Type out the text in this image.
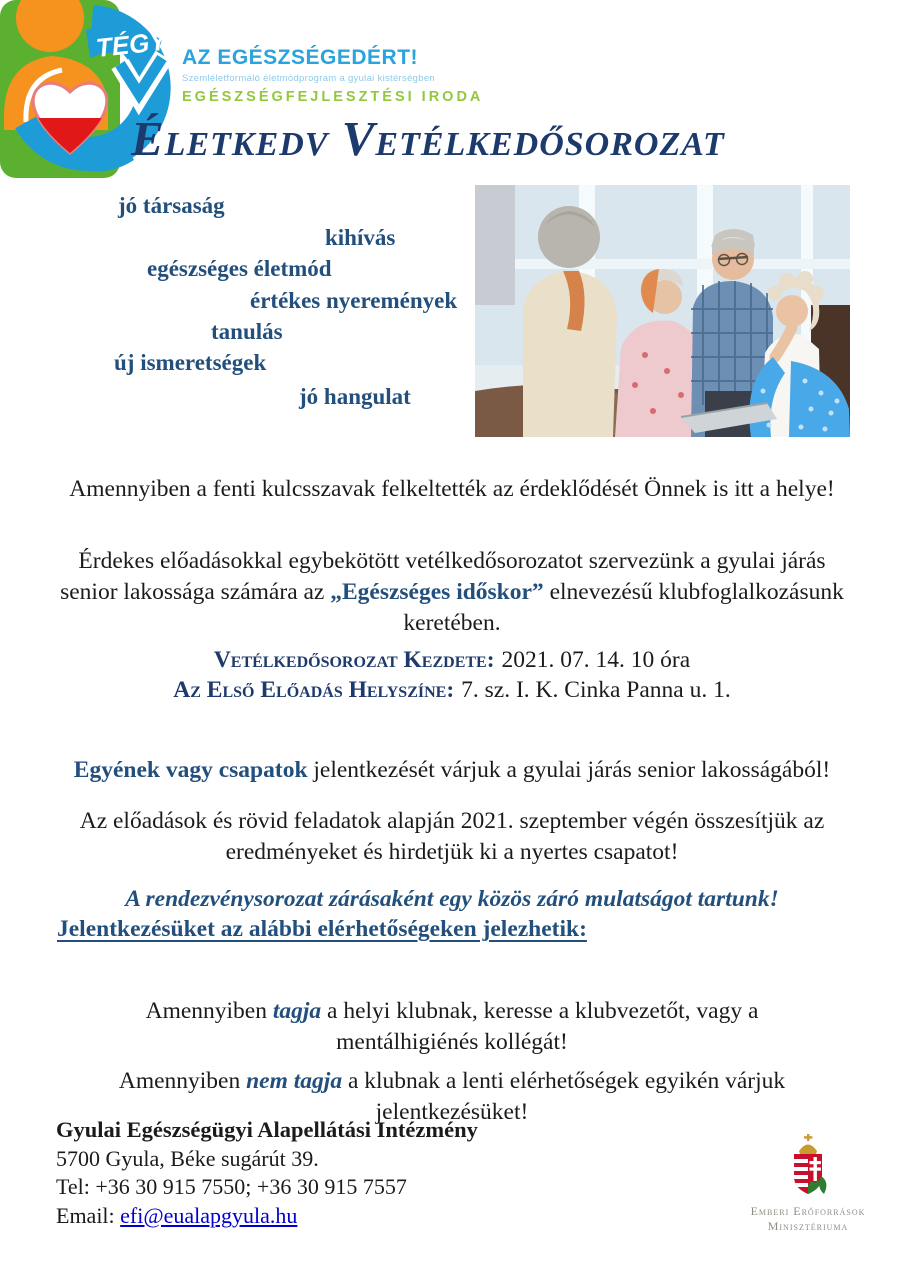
TÉGY AZ EGÉSZSÉGEDÉRT!
Szemléletformáló életmódprogram a gyulai kistérségben
EGÉSZSÉGFEJLESZTÉSI IRODA
Életkedv Vetélkedősorozat
jó társaság
kihívás
egészséges életmód
értékes nyeremények
tanulás
új ismeretségek
jó hangulat

Amennyiben a fenti kulcsszavak felkeltették az érdeklődését Önnek is itt a helye!

Érdekes előadásokkal egybekötött vetélkedősorozatot szervezünk a gyulai járás senior lakossága számára az „Egészséges időskor” elnevezésű klubfoglalkozásunk keretében.

Vetélkedősorozat Kezdete: 2021. 07. 14. 10 óra
Az Első Előadás Helyszíne: 7. sz. I. K. Cinka Panna u. 1.

Egyének vagy csapatok jelentkezését várjuk a gyulai járás senior lakosságából!

Az előadások és rövid feladatok alapján 2021. szeptember végén összesítjük az eredményeket és hirdetjük ki a nyertes csapatot!

A rendezvénysorozat zárásaként egy közös záró mulatságot tartunk!

Jelentkezésüket az alábbi elérhetőségeken jelezhetik:

Amennyiben tagja a helyi klubnak, keresse a klubvezetőt, vagy a mentálhigiénés kollégát!

Amennyiben nem tagja a klubnak a lenti elérhetőségek egyikén várjuk jelentkezésüket!

Gyulai Egészségügyi Alapellátási Intézmény
5700 Gyula, Béke sugárút 39.
Tel: +36 30 915 7550; +36 30 915 7557
Email: efi@eualapgyula.hu	Emberi Erőforrások
Minisztériuma
